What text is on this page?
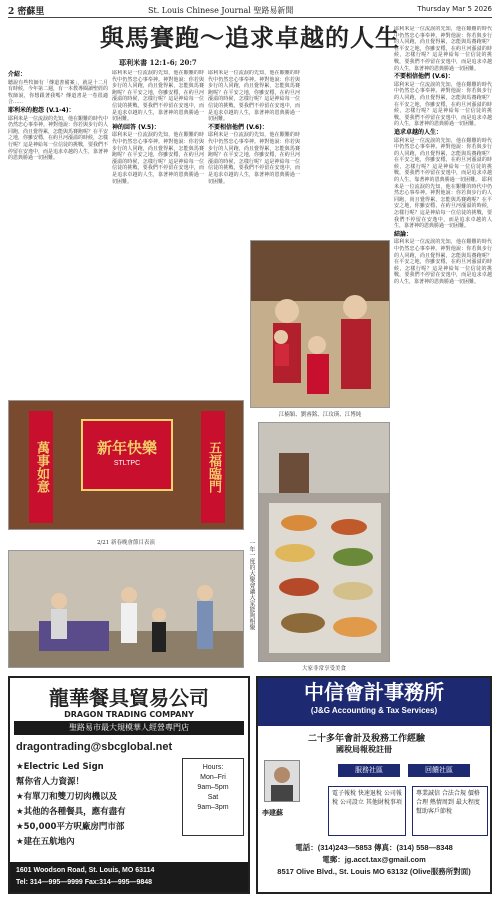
2 密蘇里	St. Louis Chinese Journal 聖路易新聞	Thursday Mar 5 2026
與馬賽跑～追求卓越的人生
耶利米書 12:1-6; 20:7
介紹：
聽說有些牧師有「傳道書備案」，就是十二月有時候，今年第二週，有一本教導閱讀聖經的牧師說，你想跟著我嗎？傳道書是一卷很適合……
耶利米的抱怨 (V.1-4)：
耶利米是一位流淚的先知，他在艱難的時代中仍然忠心事奉神。神對他說：你若與步行的人同跑，尚且覺得累，怎能與馬賽跑呢？在平安之地，你雖安穩，在約旦河漲溢的時候，怎樣行呢？這是神給每一位信徒的挑戰，要我們不停留在安逸中，而是追求卓越的人生，靠著神的恩典勝過一切困難。
耶利米是一位流淚的先知，他在艱難的時代中仍然忠心事奉神。神對他說：你若與步行的人同跑，尚且覺得累，怎能與馬賽跑呢？在平安之地，你雖安穩，在約旦河漲溢的時候，怎樣行呢？這是神給每一位信徒的挑戰，要我們不停留在安逸中，而是追求卓越的人生，靠著神的恩典勝過一切困難。
神的回答 (V.5)：
耶利米是一位流淚的先知，他在艱難的時代中仍然忠心事奉神。神對他說：你若與步行的人同跑，尚且覺得累，怎能與馬賽跑呢？在平安之地，你雖安穩，在約旦河漲溢的時候，怎樣行呢？這是神給每一位信徒的挑戰，要我們不停留在安逸中，而是追求卓越的人生，靠著神的恩典勝過一切困難。
耶利米是一位流淚的先知，他在艱難的時代中仍然忠心事奉神。神對他說：你若與步行的人同跑，尚且覺得累，怎能與馬賽跑呢？在平安之地，你雖安穩，在約旦河漲溢的時候，怎樣行呢？這是神給每一位信徒的挑戰，要我們不停留在安逸中，而是追求卓越的人生，靠著神的恩典勝過一切困難。
不要相信他們 (V.6)：
耶利米是一位流淚的先知，他在艱難的時代中仍然忠心事奉神。神對他說：你若與步行的人同跑，尚且覺得累，怎能與馬賽跑呢？在平安之地，你雖安穩，在約旦河漲溢的時候，怎樣行呢？這是神給每一位信徒的挑戰，要我們不停留在安逸中，而是追求卓越的人生，靠著神的恩典勝過一切困難。
耶利米是一位流淚的先知，他在艱難的時代中仍然忠心事奉神。神對他說：你若與步行的人同跑，尚且覺得累，怎能與馬賽跑呢？在平安之地，你雖安穩，在約旦河漲溢的時候，怎樣行呢？這是神給每一位信徒的挑戰，要我們不停留在安逸中，而是追求卓越的人生，靠著神的恩典勝過一切困難。
不要相信他們 (V.6)：
耶利米是一位流淚的先知，他在艱難的時代中仍然忠心事奉神。神對他說：你若與步行的人同跑，尚且覺得累，怎能與馬賽跑呢？在平安之地，你雖安穩，在約旦河漲溢的時候，怎樣行呢？這是神給每一位信徒的挑戰，要我們不停留在安逸中，而是追求卓越的人生，靠著神的恩典勝過一切困難。
追求卓越的人生：
耶利米是一位流淚的先知，他在艱難的時代中仍然忠心事奉神。神對他說：你若與步行的人同跑，尚且覺得累，怎能與馬賽跑呢？在平安之地，你雖安穩，在約旦河漲溢的時候，怎樣行呢？這是神給每一位信徒的挑戰，要我們不停留在安逸中，而是追求卓越的人生，靠著神的恩典勝過一切困難。 耶利米是一位流淚的先知，他在艱難的時代中仍然忠心事奉神。神對他說：你若與步行的人同跑，尚且覺得累，怎能與馬賽跑呢？在平安之地，你雖安穩，在約旦河漲溢的時候，怎樣行呢？這是神給每一位信徒的挑戰，要我們不停留在安逸中，而是追求卓越的人生，靠著神的恩典勝過一切困難。
結論：
耶利米是一位流淚的先知，他在艱難的時代中仍然忠心事奉神。神對他說：你若與步行的人同跑，尚且覺得累，怎能與馬賽跑呢？在平安之地，你雖安穩，在約旦河漲溢的時候，怎樣行呢？這是神給每一位信徒的挑戰，要我們不停留在安逸中，而是追求卓越的人生，靠著神的恩典勝過一切困難。
江楠穎、劉睿銘、江玟瑛、江博純
萬事如意	新年快樂
STLTPC	五福臨門
2/21 新春晚會節目表演	一年一度的大聚會讓大家能夠相聚
大家非常享受美食
龍華餐具貿易公司
DRAGON TRADING COMPANY
聖路易市最大規模華人經營專門店
dragontrading@sbcglobal.net
★Electric Led Sign
幫你省人力資源！
★有單刀和雙刀切肉機以及
★其他的各種餐具，應有盡有
★50,000平方呎廠房門市部
★建在五航地內
Hours:
Mon–Fri
9am–5pm
Sat
9am–3pm
1601 Woodson Road, St. Louis, MO 63114
Tel: 314—995—9999 Fax:314—995—9848
中信會計事務所
(J&G Accounting & Tax Services)
二十多年會計及稅務工作經驗
國稅局報稅註冊
服務社區	回饋社區
李建蘇
電子報稅 快速退稅 公司報稅 公司設立 其他財稅事項
專業誠信 合法合規 價格合理 熱情周到 最大程度幫助客戶節稅
電話：(314)243—5853 傳真：(314) 558—8348
電郵：jg.acct.tax@gmail.com
8517 Olive Blvd., St. Louis MO 63132 (Olive服務所對面)
